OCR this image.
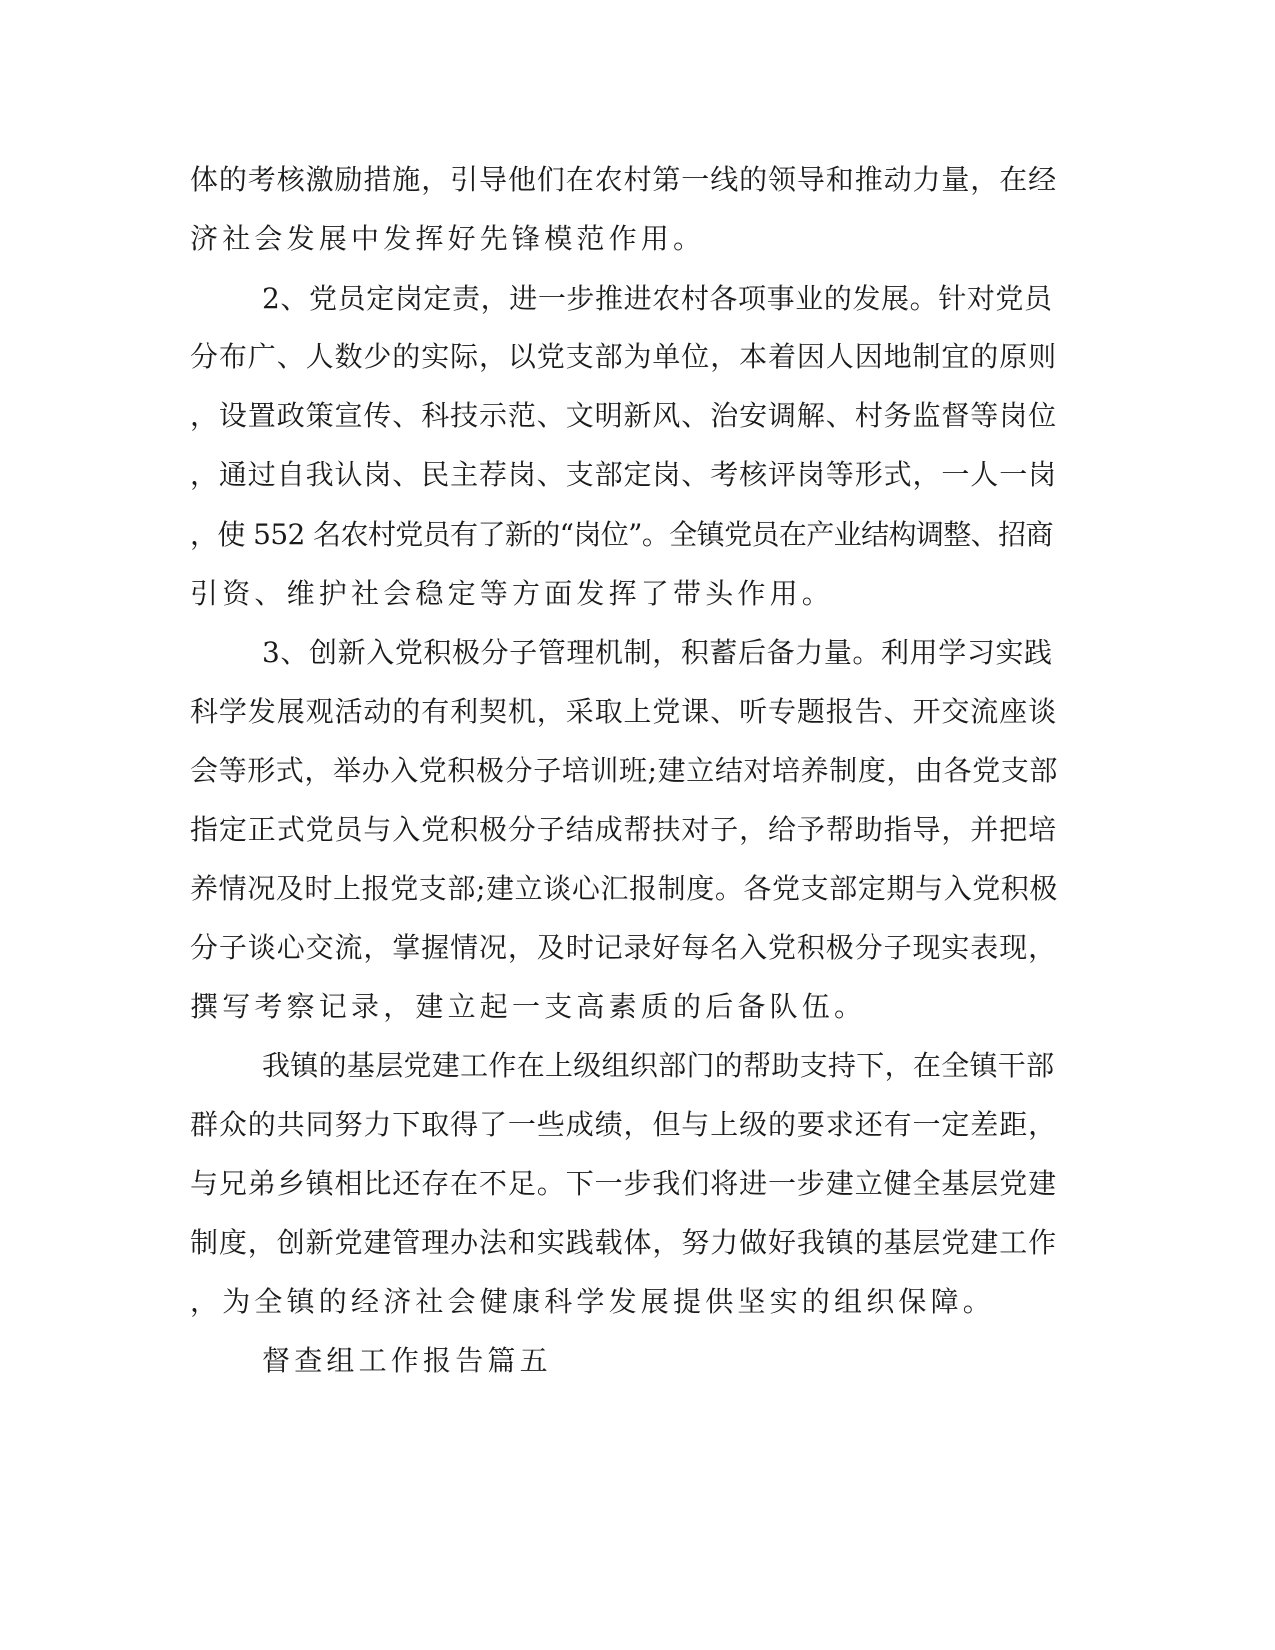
体的考核激励措施，引导他们在农村第一线的领导和推动力量，在经
济社会发展中发挥好先锋模范作用。
2、党员定岗定责，进一步推进农村各项事业的发展。针对党员
分布广、人数少的实际，以党支部为单位，本着因人因地制宜的原则
，设置政策宣传、科技示范、文明新风、治安调解、村务监督等岗位
，通过自我认岗、民主荐岗、支部定岗、考核评岗等形式，一人一岗
，使 552 名农村党员有了新的“岗位”。全镇党员在产业结构调整、招商
引资、维护社会稳定等方面发挥了带头作用。
3、创新入党积极分子管理机制，积蓄后备力量。利用学习实践
科学发展观活动的有利契机，采取上党课、听专题报告、开交流座谈
会等形式，举办入党积极分子培训班;建立结对培养制度，由各党支部
指定正式党员与入党积极分子结成帮扶对子，给予帮助指导，并把培
养情况及时上报党支部;建立谈心汇报制度。各党支部定期与入党积极
分子谈心交流，掌握情况，及时记录好每名入党积极分子现实表现，
撰写考察记录，建立起一支高素质的后备队伍。
我镇的基层党建工作在上级组织部门的帮助支持下，在全镇干部
群众的共同努力下取得了一些成绩，但与上级的要求还有一定差距，
与兄弟乡镇相比还存在不足。下一步我们将进一步建立健全基层党建
制度，创新党建管理办法和实践载体，努力做好我镇的基层党建工作
，为全镇的经济社会健康科学发展提供坚实的组织保障。
督查组工作报告篇五
